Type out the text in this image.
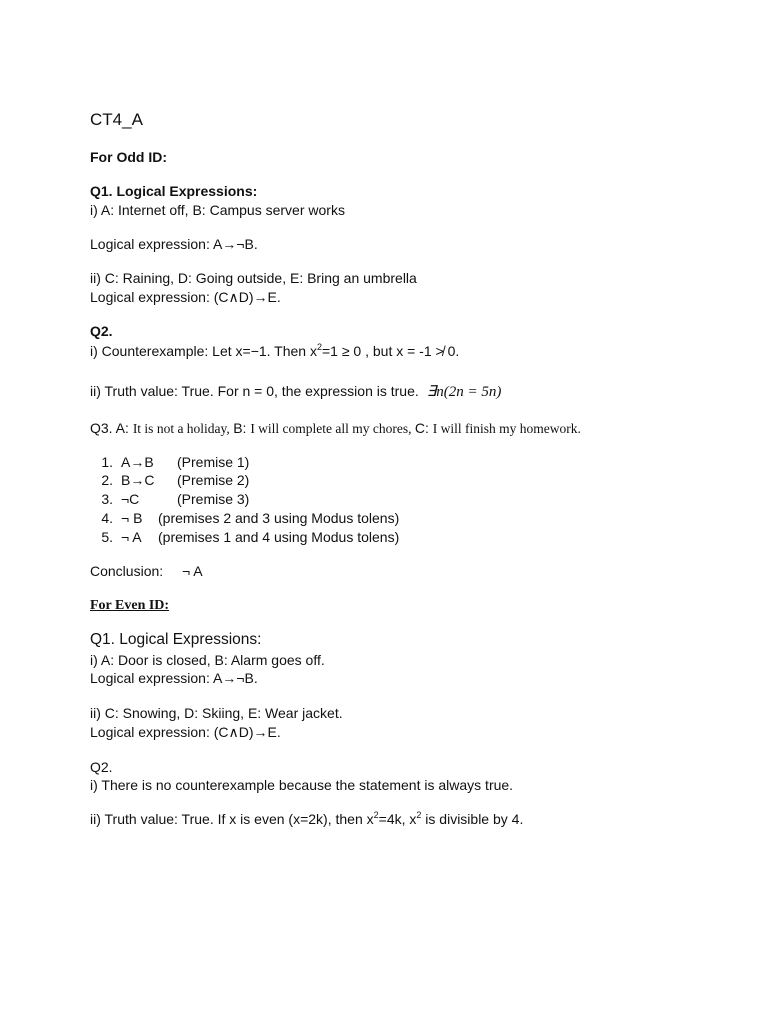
CT4_A
For Odd ID:
Q1. Logical Expressions:
i) A: Internet off, B: Campus server works
Logical expression: A→¬B.
ii) C: Raining, D: Going outside, E: Bring an umbrella
Logical expression: (C∧D)→E.
Q2.
i) Counterexample: Let x=−1. Then $x^2=1 \ge 0$ , but x = -1 ≯ 0.
ii) Truth value: True. For n = 0, the expression is true. ∃n(2n = 5n)
Q3. A: It is not a holiday, B: I will complete all my chores, C: I will finish my homework.
1. A→B (Premise 1)
2. B→C (Premise 2)
3. ¬C	(Premise 3)
4. ¬ B (premises 2 and 3 using Modus tolens)
5. ¬ A (premises 1 and 4 using Modus tolens)
Conclusion: ¬ A
For Even ID:
Q1. Logical Expressions:
i) A: Door is closed, B: Alarm goes off.
Logical expression: A→¬B.
ii) C: Snowing, D: Skiing, E: Wear jacket.
Logical expression: (C∧D)→E.
Q2.
i) There is no counterexample because the statement is always true.
ii) Truth value: True. If x is even (x=2k), then $x^2=4k$, $x^2$ is divisible by 4.
